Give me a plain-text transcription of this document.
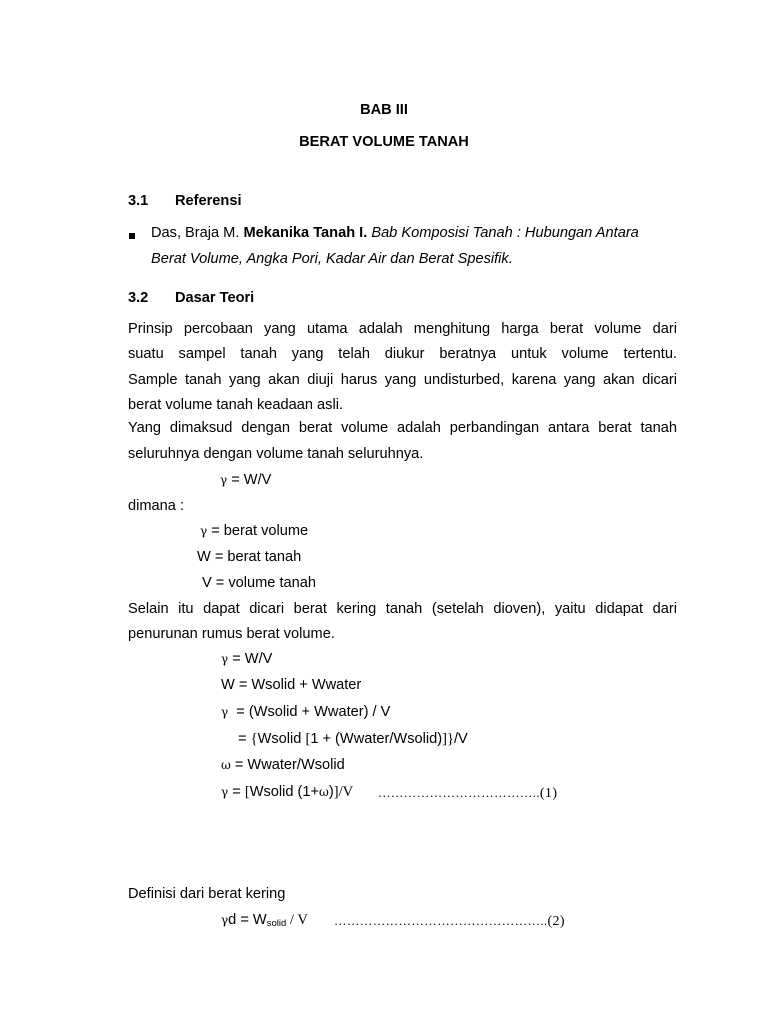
BAB III
BERAT VOLUME TANAH
3.1 Referensi
Das, Braja M. Mekanika Tanah I. Bab Komposisi Tanah : Hubungan Antara
Berat Volume, Angka Pori, Kadar Air dan Berat Spesifik.
3.2 Dasar Teori
Prinsip percobaan yang utama adalah menghitung harga berat volume dari
suatu sampel tanah yang telah diukur beratnya untuk volume tertentu.
Sample tanah yang akan diuji harus yang undisturbed, karena yang akan dicari
berat volume tanah keadaan asli.
Yang dimaksud dengan berat volume adalah perbandingan antara berat tanah
seluruhnya dengan volume tanah seluruhnya.
γ = W/V
dimana :
γ = berat volume
W = berat tanah
V = volume tanah
Selain itu dapat dicari berat kering tanah (setelah dioven), yaitu didapat dari
penurunan rumus berat volume.
γ = W/V
W = Wsolid + Wwater
γ  = (Wsolid + Wwater) / V
= {Wsolid [1 + (Wwater/Wsolid)]}/V
ω = Wwater/Wsolid
γ = [Wsolid (1+ω)]/V ………………………………..(1)
Definisi dari berat kering
$\gamma d = W_{solid} / V$ …………………………………………..(2)
